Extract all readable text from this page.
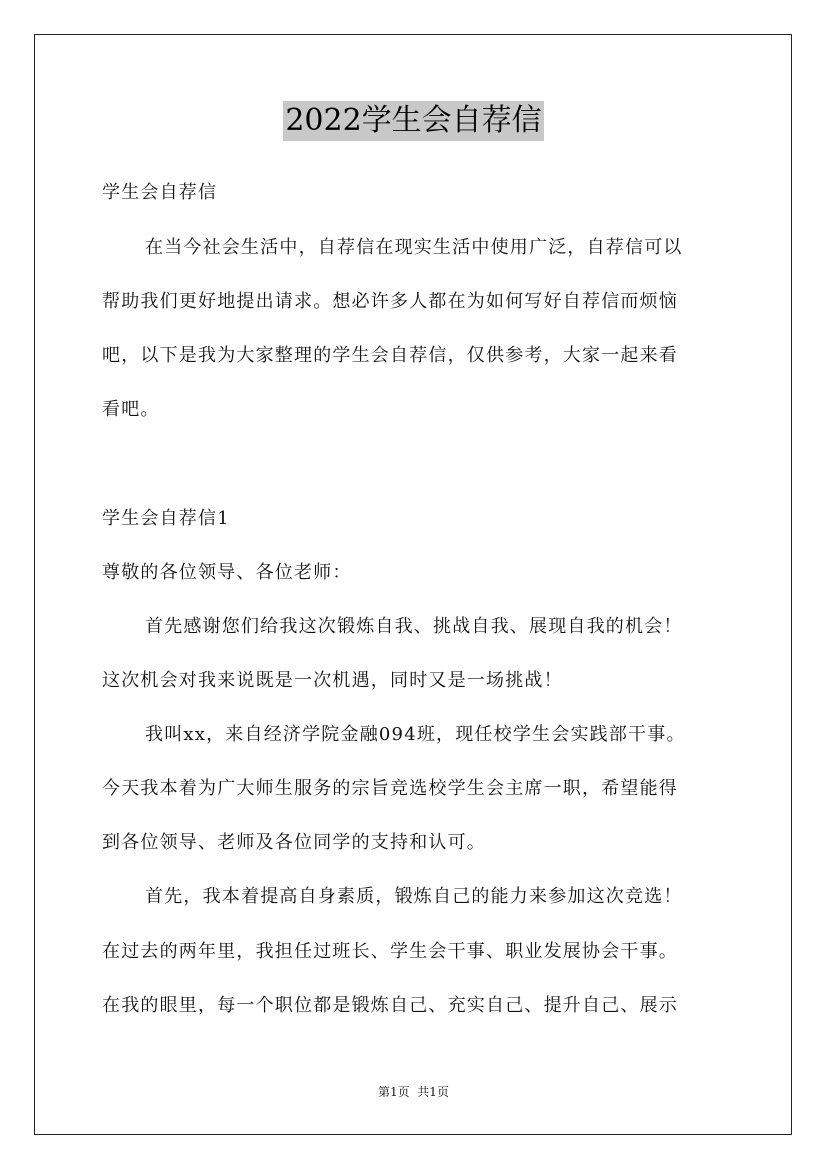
2022学生会自荐信
学生会自荐信
在当今社会生活中，自荐信在现实生活中使用广泛，自荐信可以
帮助我们更好地提出请求。想必许多人都在为如何写好自荐信而烦恼
吧，以下是我为大家整理的学生会自荐信，仅供参考，大家一起来看
看吧。
学生会自荐信1
尊敬的各位领导、各位老师：
首先感谢您们给我这次锻炼自我、挑战自我、展现自我的机会！
这次机会对我来说既是一次机遇，同时又是一场挑战！
我叫xx，来自经济学院金融094班，现任校学生会实践部干事。
今天我本着为广大师生服务的宗旨竞选校学生会主席一职，希望能得
到各位领导、老师及各位同学的支持和认可。
首先，我本着提高自身素质，锻炼自己的能力来参加这次竞选！
在过去的两年里，我担任过班长、学生会干事、职业发展协会干事。
在我的眼里，每一个职位都是锻炼自己、充实自己、提升自己、展示
第1页  共1页
